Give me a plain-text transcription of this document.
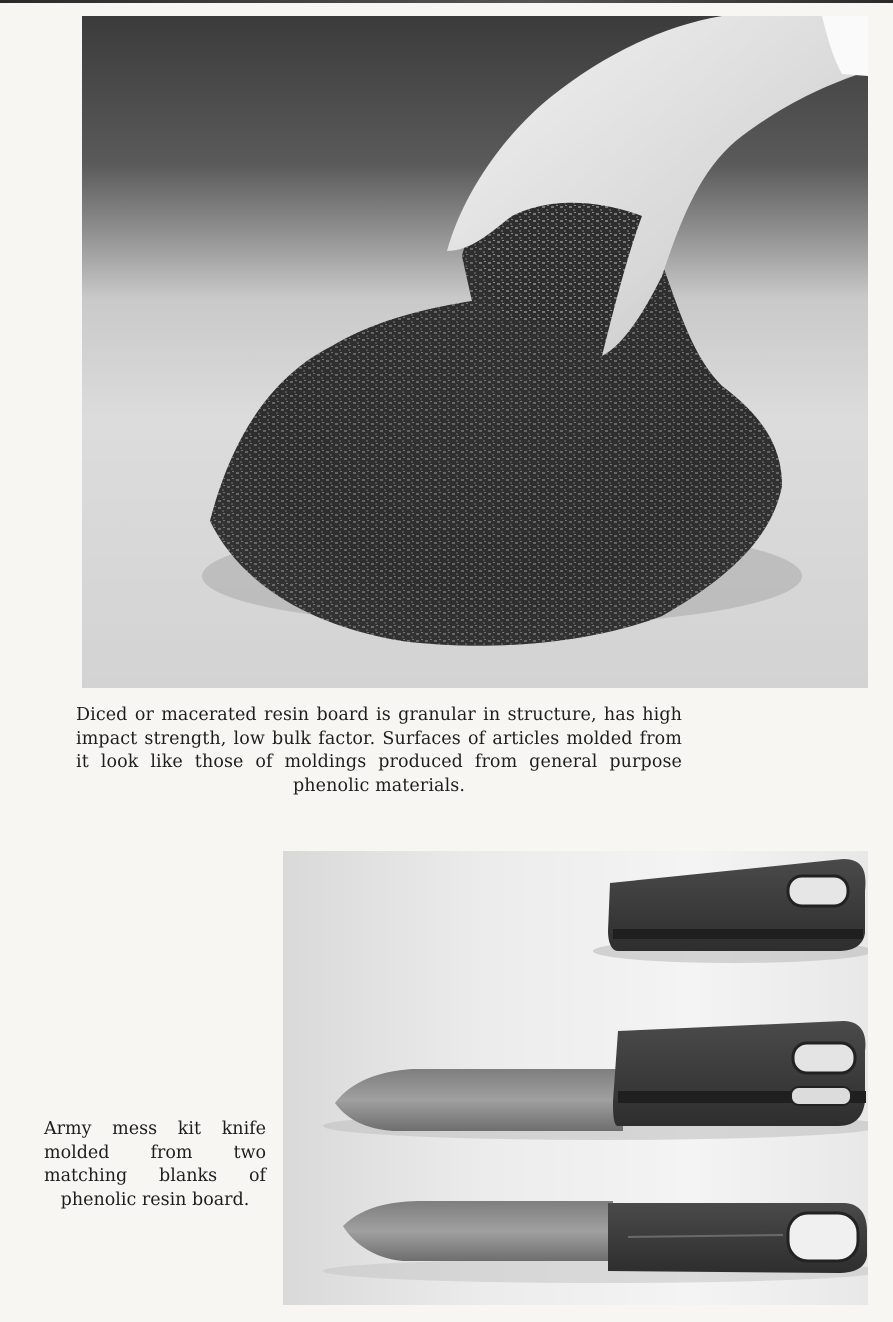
Diced or macerated resin board is granular in structure, has high impact strength, low bulk factor. Surfaces of articles molded from it look like those of moldings produced from general purpose phenolic materials.

Army mess kit knife molded from two matching blanks of phenolic resin board.
